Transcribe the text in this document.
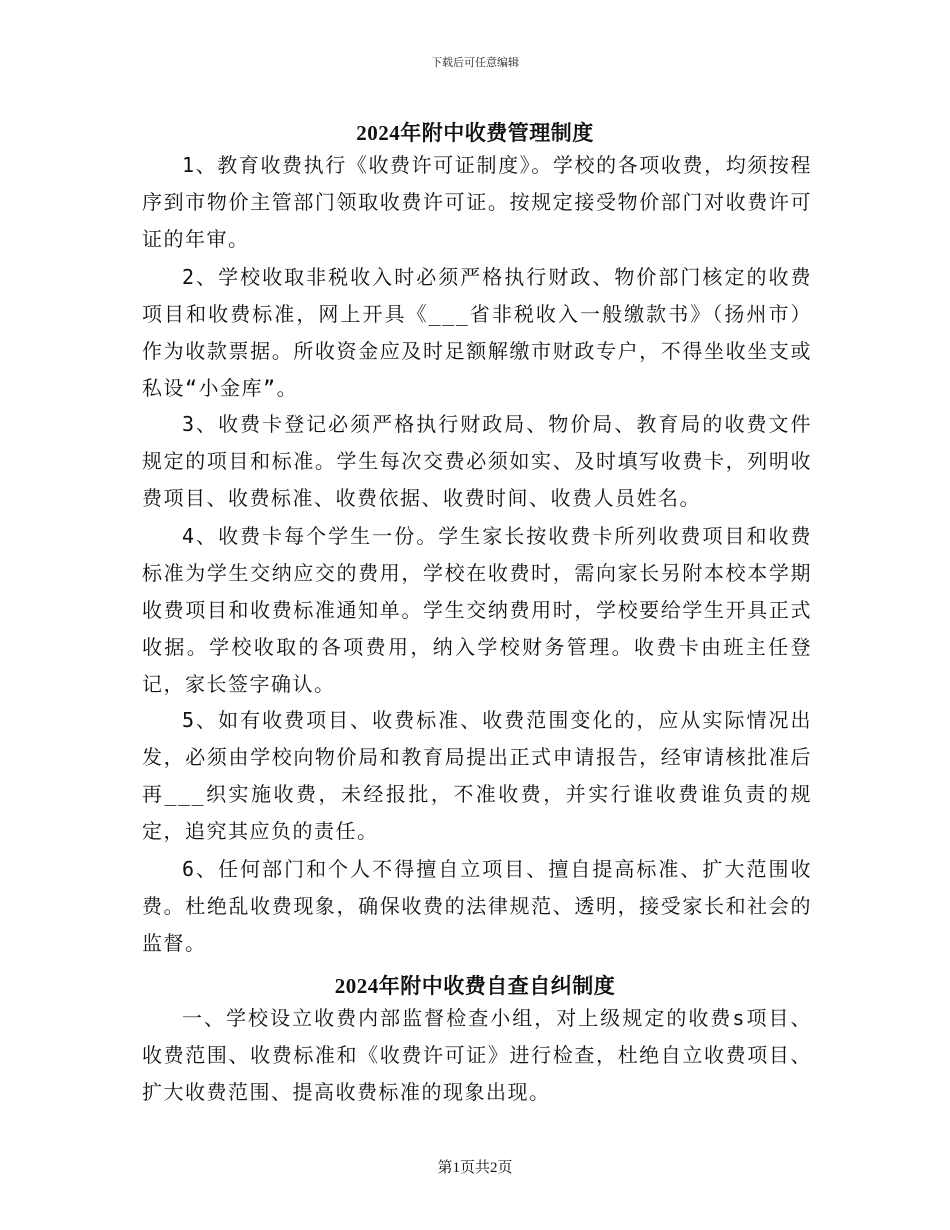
下载后可任意编辑
2024年附中收费管理制度
1、教育收费执行《收费许可证制度》。学校的各项收费，均须按程序到市物价主管部门领取收费许可证。按规定接受物价部门对收费许可证的年审。
2、学校收取非税收入时必须严格执行财政、物价部门核定的收费项目和收费标准，网上开具《___省非税收入一般缴款书》（扬州市）作为收款票据。所收资金应及时足额解缴市财政专户，不得坐收坐支或私设“小金库”。
3、收费卡登记必须严格执行财政局、物价局、教育局的收费文件规定的项目和标准。学生每次交费必须如实、及时填写收费卡，列明收费项目、收费标准、收费依据、收费时间、收费人员姓名。
4、收费卡每个学生一份。学生家长按收费卡所列收费项目和收费标准为学生交纳应交的费用，学校在收费时，需向家长另附本校本学期收费项目和收费标准通知单。学生交纳费用时，学校要给学生开具正式收据。学校收取的各项费用，纳入学校财务管理。收费卡由班主任登记，家长签字确认。
5、如有收费项目、收费标准、收费范围变化的，应从实际情况出发，必须由学校向物价局和教育局提出正式申请报告，经审请核批准后再___织实施收费，未经报批，不准收费，并实行谁收费谁负责的规定，追究其应负的责任。
6、任何部门和个人不得擅自立项目、擅自提高标准、扩大范围收费。杜绝乱收费现象，确保收费的法律规范、透明，接受家长和社会的监督。
2024年附中收费自查自纠制度
一、学校设立收费内部监督检查小组，对上级规定的收费s项目、收费范围、收费标准和《收费许可证》进行检查，杜绝自立收费项目、扩大收费范围、提高收费标准的现象出现。
第1页共2页
